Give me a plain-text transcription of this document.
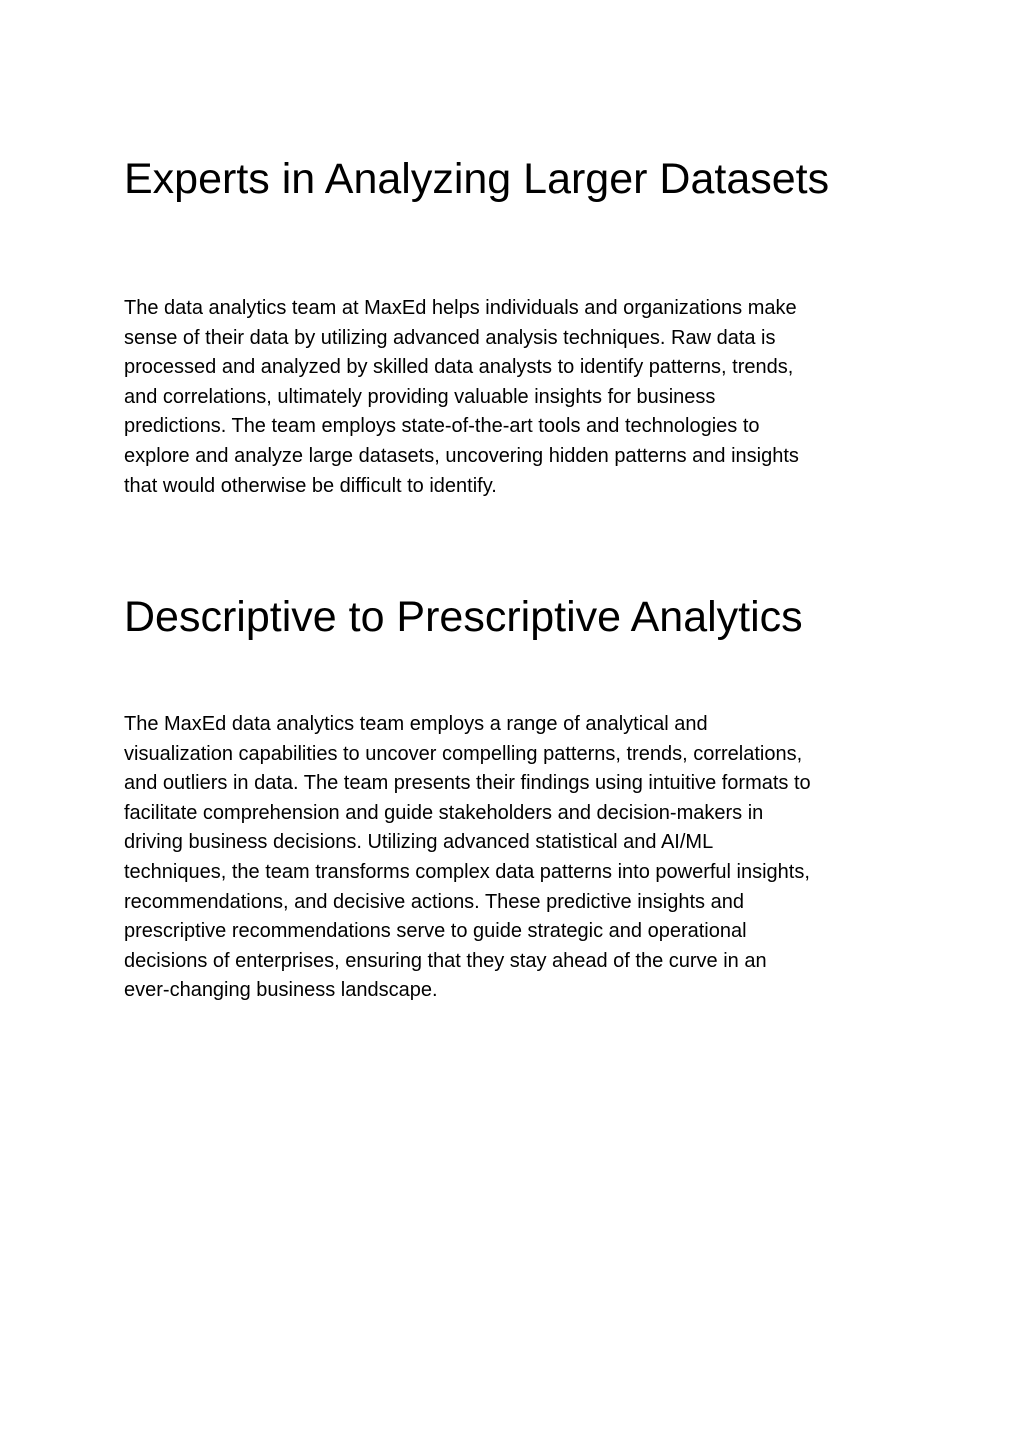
Experts in Analyzing Larger Datasets

The data analytics team at MaxEd helps individuals and organizations make
sense of their data by utilizing advanced analysis techniques. Raw data is
processed and analyzed by skilled data analysts to identify patterns, trends,
and correlations, ultimately providing valuable insights for business
predictions. The team employs state-of-the-art tools and technologies to
explore and analyze large datasets, uncovering hidden patterns and insights
that would otherwise be difficult to identify.

Descriptive to Prescriptive Analytics

The MaxEd data analytics team employs a range of analytical and
visualization capabilities to uncover compelling patterns, trends, correlations,
and outliers in data. The team presents their findings using intuitive formats to
facilitate comprehension and guide stakeholders and decision-makers in
driving business decisions. Utilizing advanced statistical and AI/ML
techniques, the team transforms complex data patterns into powerful insights,
recommendations, and decisive actions. These predictive insights and
prescriptive recommendations serve to guide strategic and operational
decisions of enterprises, ensuring that they stay ahead of the curve in an
ever-changing business landscape.
